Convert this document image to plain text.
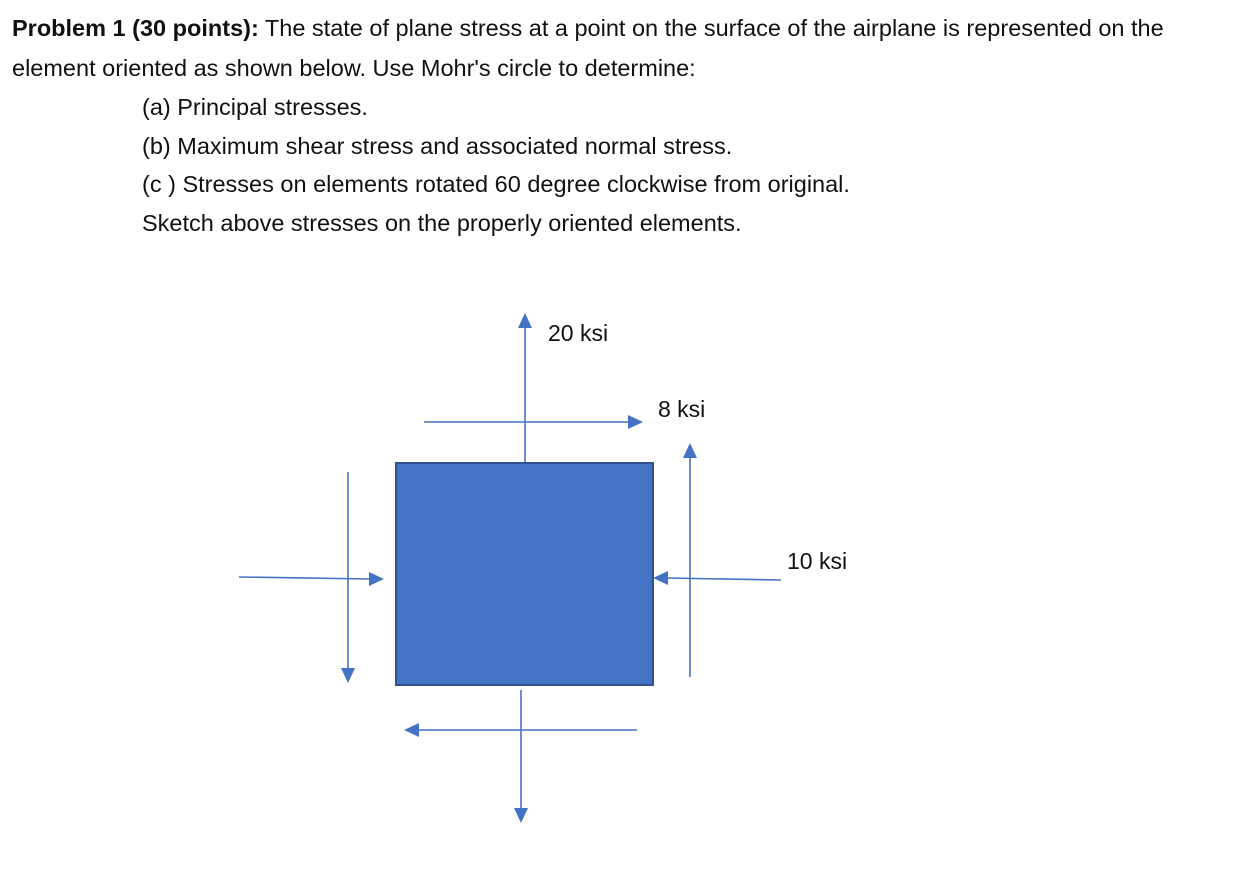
Problem 1 (30 points): The state of plane stress at a point on the surface of the airplane is represented on the element oriented as shown below. Use Mohr's circle to determine:

(a) Principal stresses.

(b) Maximum shear stress and associated normal stress.

(c ) Stresses on elements rotated 60 degree clockwise from original.

Sketch above stresses on the properly oriented elements.

20 ksi
8 ksi
10 ksi
